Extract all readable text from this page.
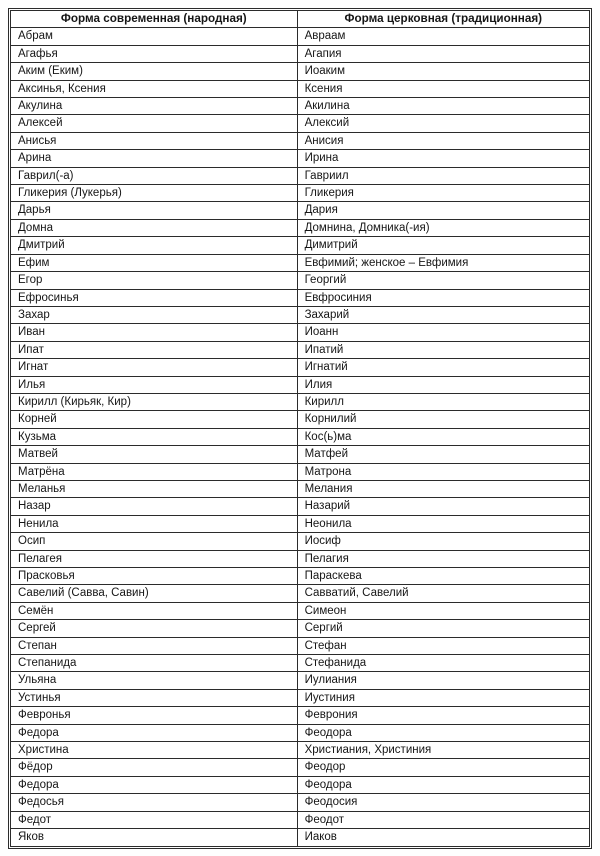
Форма современная (народная)	Форма церковная (традиционная)
Абрам	Авраам
Агафья	Агапия
Аким (Еким)	Иоаким
Аксинья, Ксения	Ксения
Акулина	Акилина
Алексей	Алексий
Анисья	Анисия
Арина	Ирина
Гаврил(-а)	Гавриил
Гликерия (Лукерья)	Гликерия
Дарья	Дария
Домна	Домнина, Домника(-ия)
Дмитрий	Димитрий
Ефим	Евфимий; женское – Евфимия
Егор	Георгий
Ефросинья	Евфросиния
Захар	Захарий
Иван	Иоанн
Ипат	Ипатий
Игнат	Игнатий
Илья	Илия
Кирилл (Кирьяк, Кир)	Кирилл
Корней	Корнилий
Кузьма	Кос(ь)ма
Матвей	Матфей
Матрёна	Матрона
Меланья	Мелания
Назар	Назарий
Ненила	Неонила
Осип	Иосиф
Пелагея	Пелагия
Прасковья	Параскева
Савелий (Савва, Савин)	Савватий, Савелий
Семён	Симеон
Сергей	Сергий
Степан	Стефан
Степанида	Стефанида
Ульяна	Иулиания
Устинья	Иустиния
Февронья	Феврония
Федора	Феодора
Христина	Христиания, Христиния
Фёдор	Феодор
Федора	Феодора
Федосья	Феодосия
Федот	Феодот
Яков	Иаков
